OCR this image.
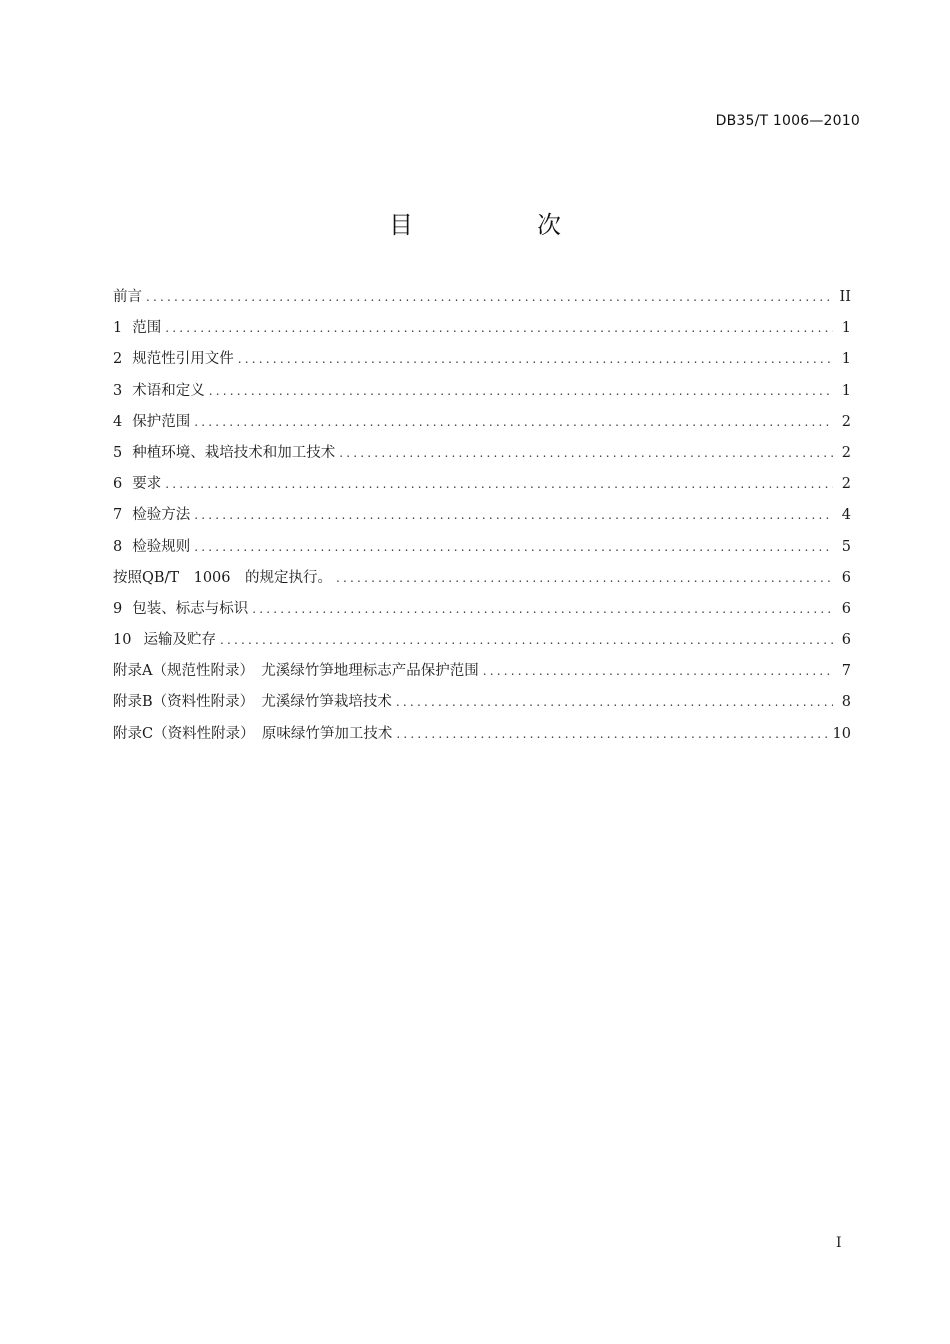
DB35/T 1006—2010
目　次
前言 .....	II
1 范围 .....	1
2 规范性引用文件 .....	1
3 术语和定义 .....	1
4 保护范围 .....	2
5 种植环境、栽培技术和加工技术 .....	2
6 要求 .....	2
7 检验方法 .....	4
8 检验规则 .....	5
按照QB/T　1006　的规定执行。 .....	6
9 包装、标志与标识 .....	6
10 运输及贮存 .....	6
附录A（规范性附录）　尤溪绿竹笋地理标志产品保护范围 .....	7
附录B（资料性附录）　尤溪绿竹笋栽培技术 .....	8
附录C（资料性附录）　原味绿竹笋加工技术 .....	10
I
